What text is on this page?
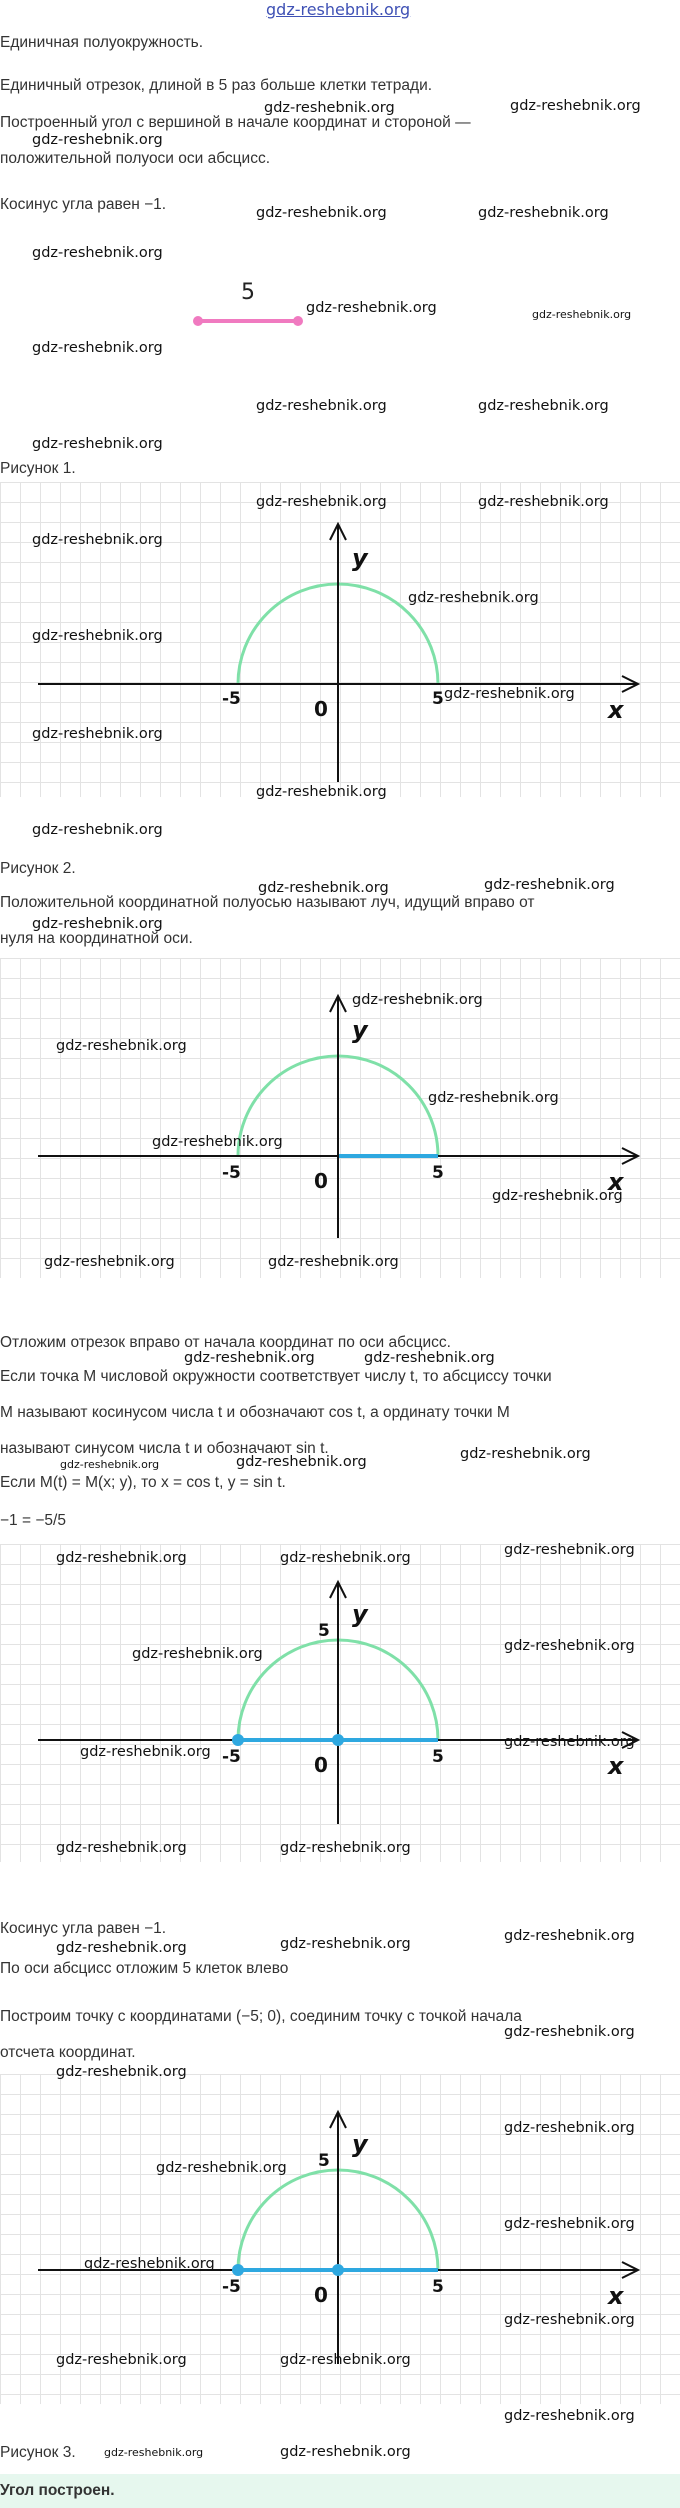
gdz-reshebnik.org
Единичная полуокружность.
Единичный отрезок, длиной в 5 раз больше клетки тетради.
Построенный угол с вершиной в начале координат и стороной —
положительной полуоси оси абсцисс.
Косинус угла равен −1.
5
Рисунок 1.
y
x
0
-5	5
Рисунок 2.
Положительной координатной полуосью называют луч, идущий вправо от
нуля на координатной оси.
y
x
0
-5	5
Отложим отрезок вправо от начала координат по оси абсцисс.
Если точка M числовой окружности соответствует числу t, то абсциссу точки
M называют косинусом числа t и обозначают cos t, а ординату точки M
называют синусом числа t и обозначают sin t.
Если M(t) = M(x; y), то x = cos t, y = sin t.
−1 = −5/5
y
5
x
0
-5	5
Косинус угла равен −1.
По оси абсцисс отложим 5 клеток влево
Построим точку с координатами (−5; 0), соединим точку с точкой начала
отсчета координат.
y
5
x
0
-5	5
Рисунок 3.
Угол построен.
gdz-reshebnik.org	gdz-reshebnik.org
gdz-reshebnik.org
gdz-reshebnik.org	gdz-reshebnik.org
gdz-reshebnik.org
gdz-reshebnik.org	gdz-reshebnik.org
gdz-reshebnik.org
gdz-reshebnik.org	gdz-reshebnik.org
gdz-reshebnik.org
gdz-reshebnik.org	gdz-reshebnik.org
gdz-reshebnik.org
gdz-reshebnik.org
gdz-reshebnik.org
gdz-reshebnik.org
gdz-reshebnik.org
gdz-reshebnik.org
gdz-reshebnik.org
gdz-reshebnik.org	gdz-reshebnik.org
gdz-reshebnik.org
gdz-reshebnik.org
gdz-reshebnik.org
gdz-reshebnik.org
gdz-reshebnik.org
gdz-reshebnik.org
gdz-reshebnik.org	gdz-reshebnik.org
gdz-reshebnik.org	gdz-reshebnik.org
gdz-reshebnik.org
gdz-reshebnik.org	gdz-reshebnik.org
gdz-reshebnik.org
gdz-reshebnik.org	gdz-reshebnik.org
gdz-reshebnik.org
gdz-reshebnik.org
gdz-reshebnik.org
gdz-reshebnik.org
gdz-reshebnik.org	gdz-reshebnik.org
gdz-reshebnik.org
gdz-reshebnik.org	gdz-reshebnik.org
gdz-reshebnik.org
gdz-reshebnik.org
gdz-reshebnik.org
gdz-reshebnik.org
gdz-reshebnik.org
gdz-reshebnik.org
gdz-reshebnik.org
gdz-reshebnik.org	gdz-reshebnik.org
gdz-reshebnik.org
gdz-reshebnik.org	gdz-reshebnik.org
